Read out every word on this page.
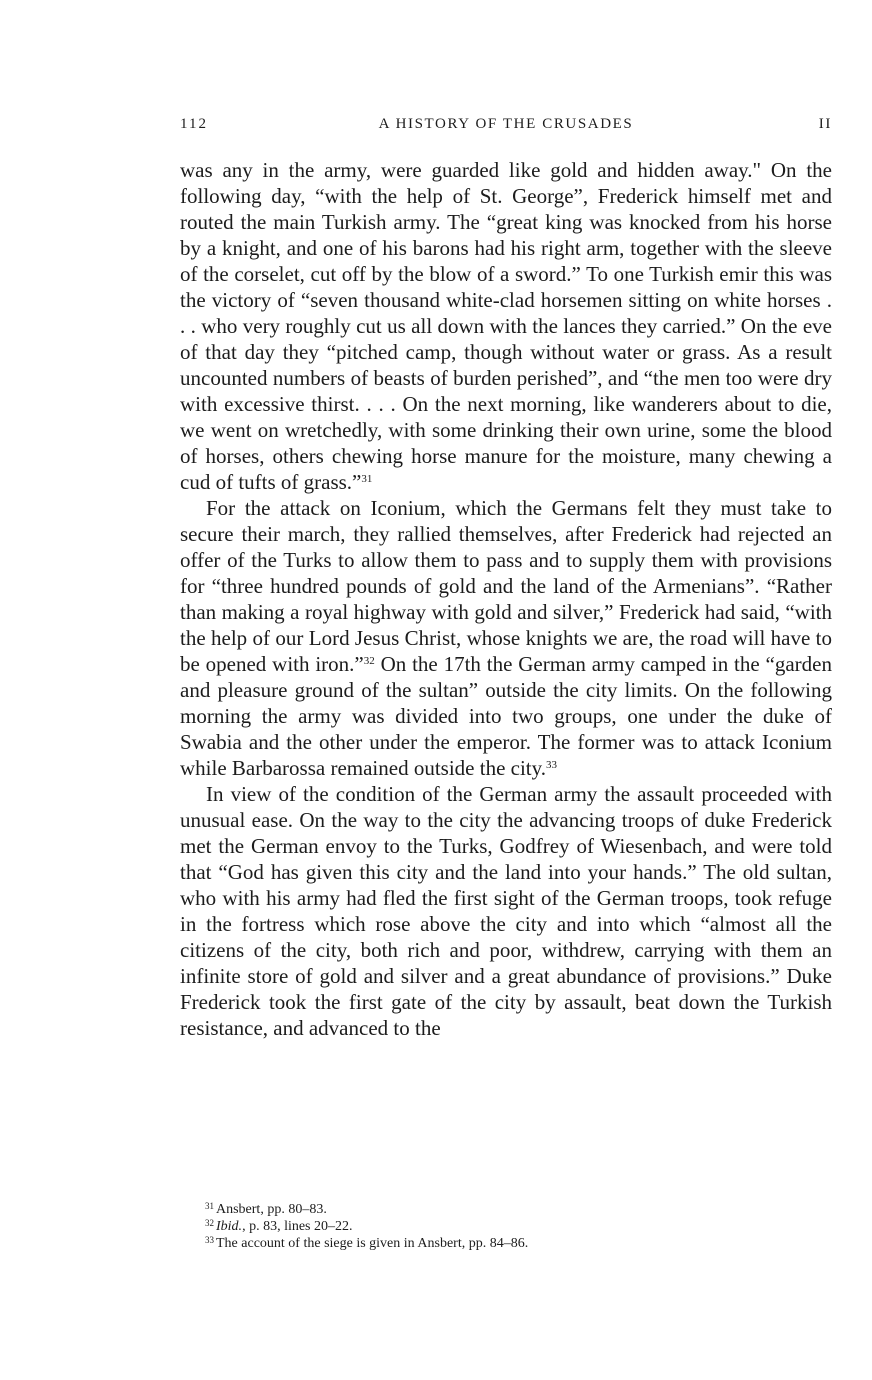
112	A HISTORY OF THE CRUSADES	II

was any in the army, were guarded like gold and hidden away." On the following day, “with the help of St. George”, Frederick himself met and routed the main Turkish army. The “great king was knocked from his horse by a knight, and one of his barons had his right arm, together with the sleeve of the corselet, cut off by the blow of a sword.” To one Turkish emir this was the victory of “seven thousand white-clad horsemen sitting on white horses . . . who very roughly cut us all down with the lances they carried.” On the eve of that day they “pitched camp, though without water or grass. As a result uncounted numbers of beasts of burden perished”, and “the men too were dry with excessive thirst. . . . On the next morning, like wanderers about to die, we went on wretchedly, with some drinking their own urine, some the blood of horses, others chewing horse manure for the moisture, many chewing a cud of tufts of grass.”$^{31}$

For the attack on Iconium, which the Germans felt they must take to secure their march, they rallied themselves, after Frederick had rejected an offer of the Turks to allow them to pass and to supply them with provisions for “three hundred pounds of gold and the land of the Armenians”. “Rather than making a royal highway with gold and silver,” Frederick had said, “with the help of our Lord Jesus Christ, whose knights we are, the road will have to be opened with iron.”$^{32}$ On the 17th the German army camped in the “garden and pleasure ground of the sultan” outside the city limits. On the following morning the army was divided into two groups, one under the duke of Swabia and the other under the emperor. The former was to attack Iconium while Barbarossa remained outside the city.$^{33}$

In view of the condition of the German army the assault proceeded with unusual ease. On the way to the city the advancing troops of duke Frederick met the German envoy to the Turks, Godfrey of Wiesenbach, and were told that “God has given this city and the land into your hands.” The old sultan, who with his army had fled the first sight of the German troops, took refuge in the fortress which rose above the city and into which “almost all the citizens of the city, both rich and poor, withdrew, carrying with them an infinite store of gold and silver and a great abundance of provisions.” Duke Frederick took the first gate of the city by assault, beat down the Turkish resistance, and advanced to the

$^{31}$ Ansbert, pp. 80–83.

$^{32}$ Ibid., p. 83, lines 20–22.

$^{33}$ The account of the siege is given in Ansbert, pp. 84–86.
